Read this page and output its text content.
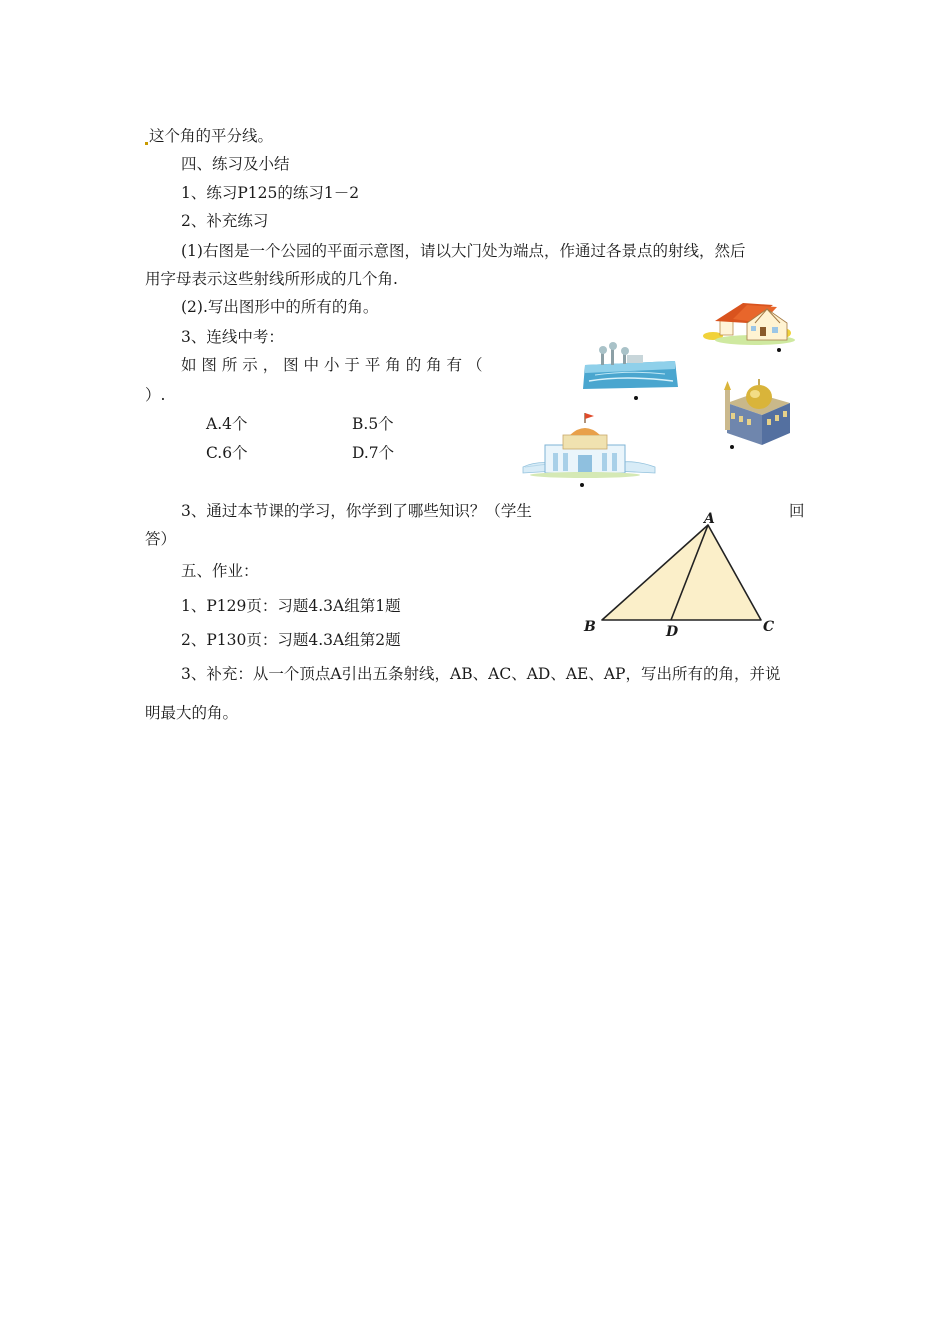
这个角的平分线。
四、练习及小结
1、练习P125的练习1－2
2、补充练习
(1)右图是一个公园的平面示意图，请以大门处为端点，作通过各景点的射线，然后
用字母表示这些射线所形成的几个角.
(2).写出图形中的所有的角。
3、连线中考：
如 图 所 示 ， 图 中 小 于 平 角 的 角 有 （
）.
A.4个	B.5个
C.6个	D.7个
3、通过本节课的学习，你学到了哪些知识？（学生	回
答）
五、作业：
1、P129页：习题4.3A组第1题
2、P130页：习题4.3A组第2题
3、补充：从一个顶点A引出五条射线，AB、AC、AD、AE、AP，写出所有的角，并说
明最大的角。
A
B	C
D
